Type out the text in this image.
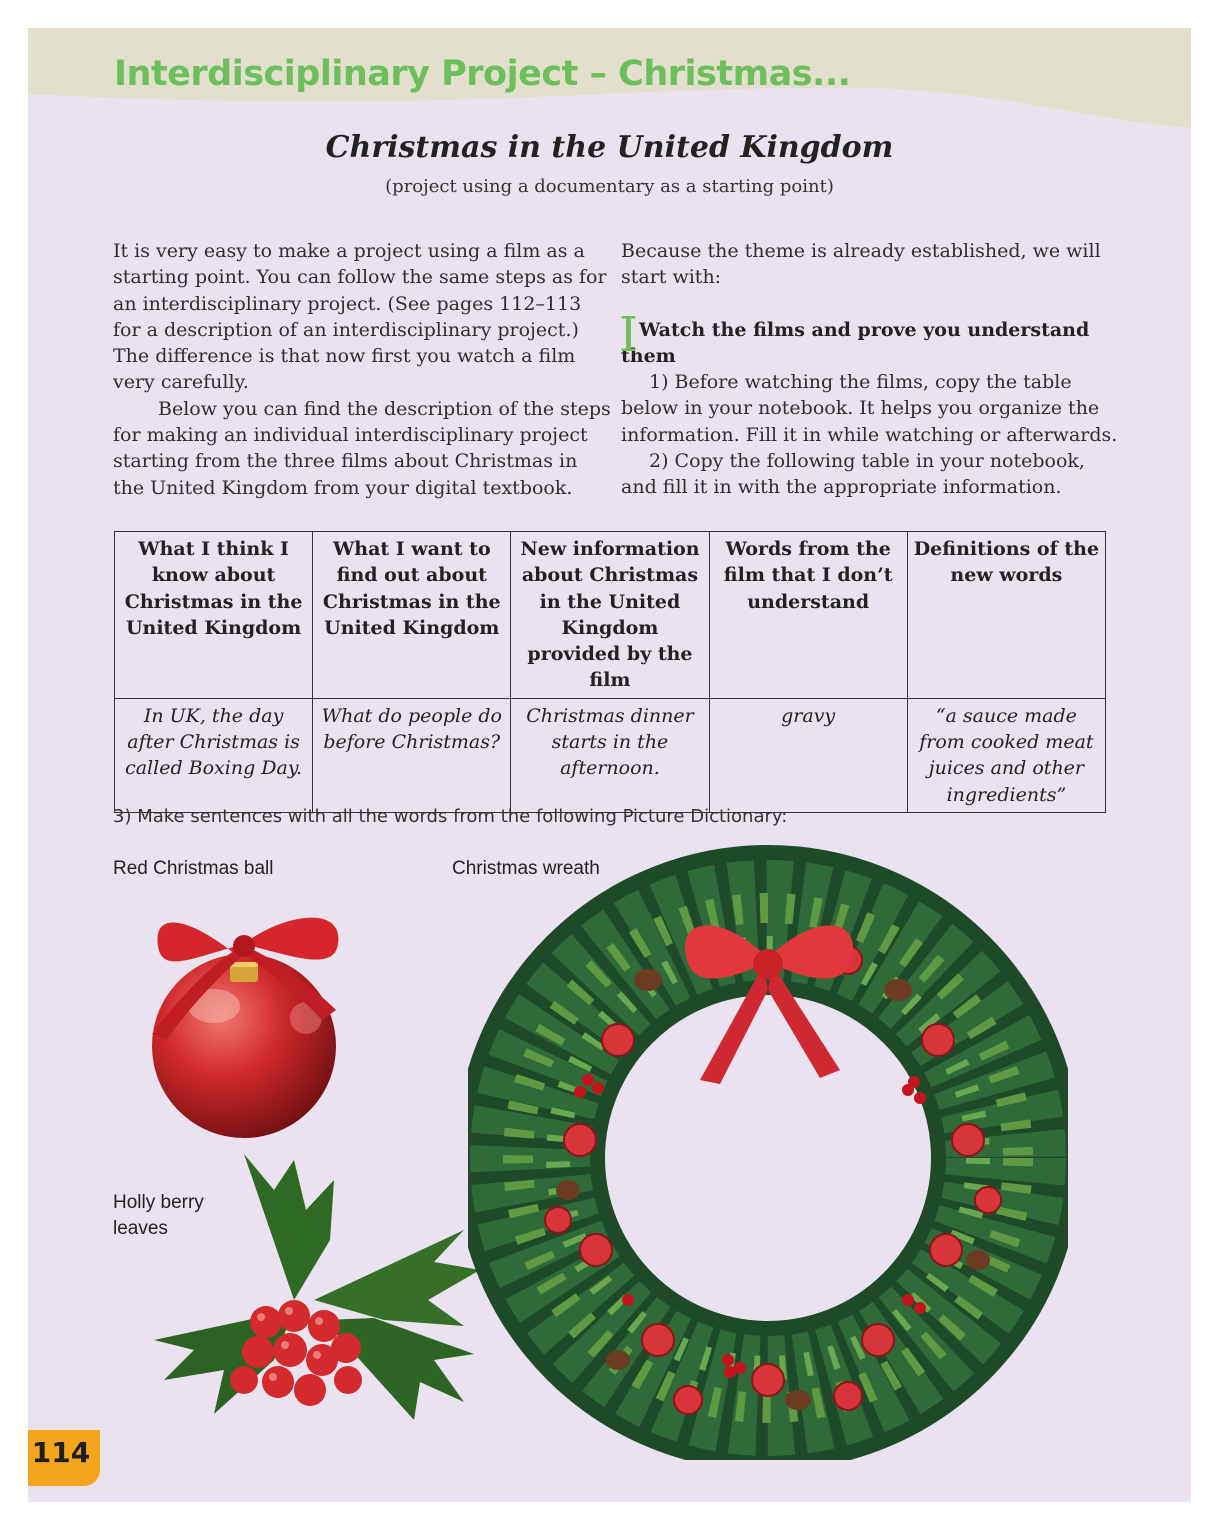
Interdisciplinary Project – Christmas...
Christmas in the United Kingdom

(project using a documentary as a starting point)

It is very easy to make a project using a film as a starting point. You can follow the same steps as for an interdisciplinary project. (See pages 112–113 for a description of an interdisciplinary project.) The difference is that now first you watch a film very carefully.

Below you can find the description of the steps for making an individual interdisciplinary project starting from the three films about Christmas in the United Kingdom from your digital textbook.

Because the theme is already established, we will start with:

I Watch the films and prove you understand them

1) Before watching the films, copy the table below in your notebook. It helps you organize the information. Fill it in while watching or afterwards.

2) Copy the following table in your notebook, and fill it in with the appropriate information.

What I think I know about Christmas in the United Kingdom	What I want to find out about Christmas in the United Kingdom	New information about Christmas in the United Kingdom provided by the film	Words from the film that I don’t understand	Definitions of the new words
In UK, the day after Christmas is called Boxing Day.	What do people do before Christmas?	Christmas dinner starts in the afternoon.	gravy	“a sauce made from cooked meat juices and other ingredients”

3) Make sentences with all the words from the following Picture Dictionary:

Red Christmas ball	Christmas wreath

Holly berry
leaves

114
